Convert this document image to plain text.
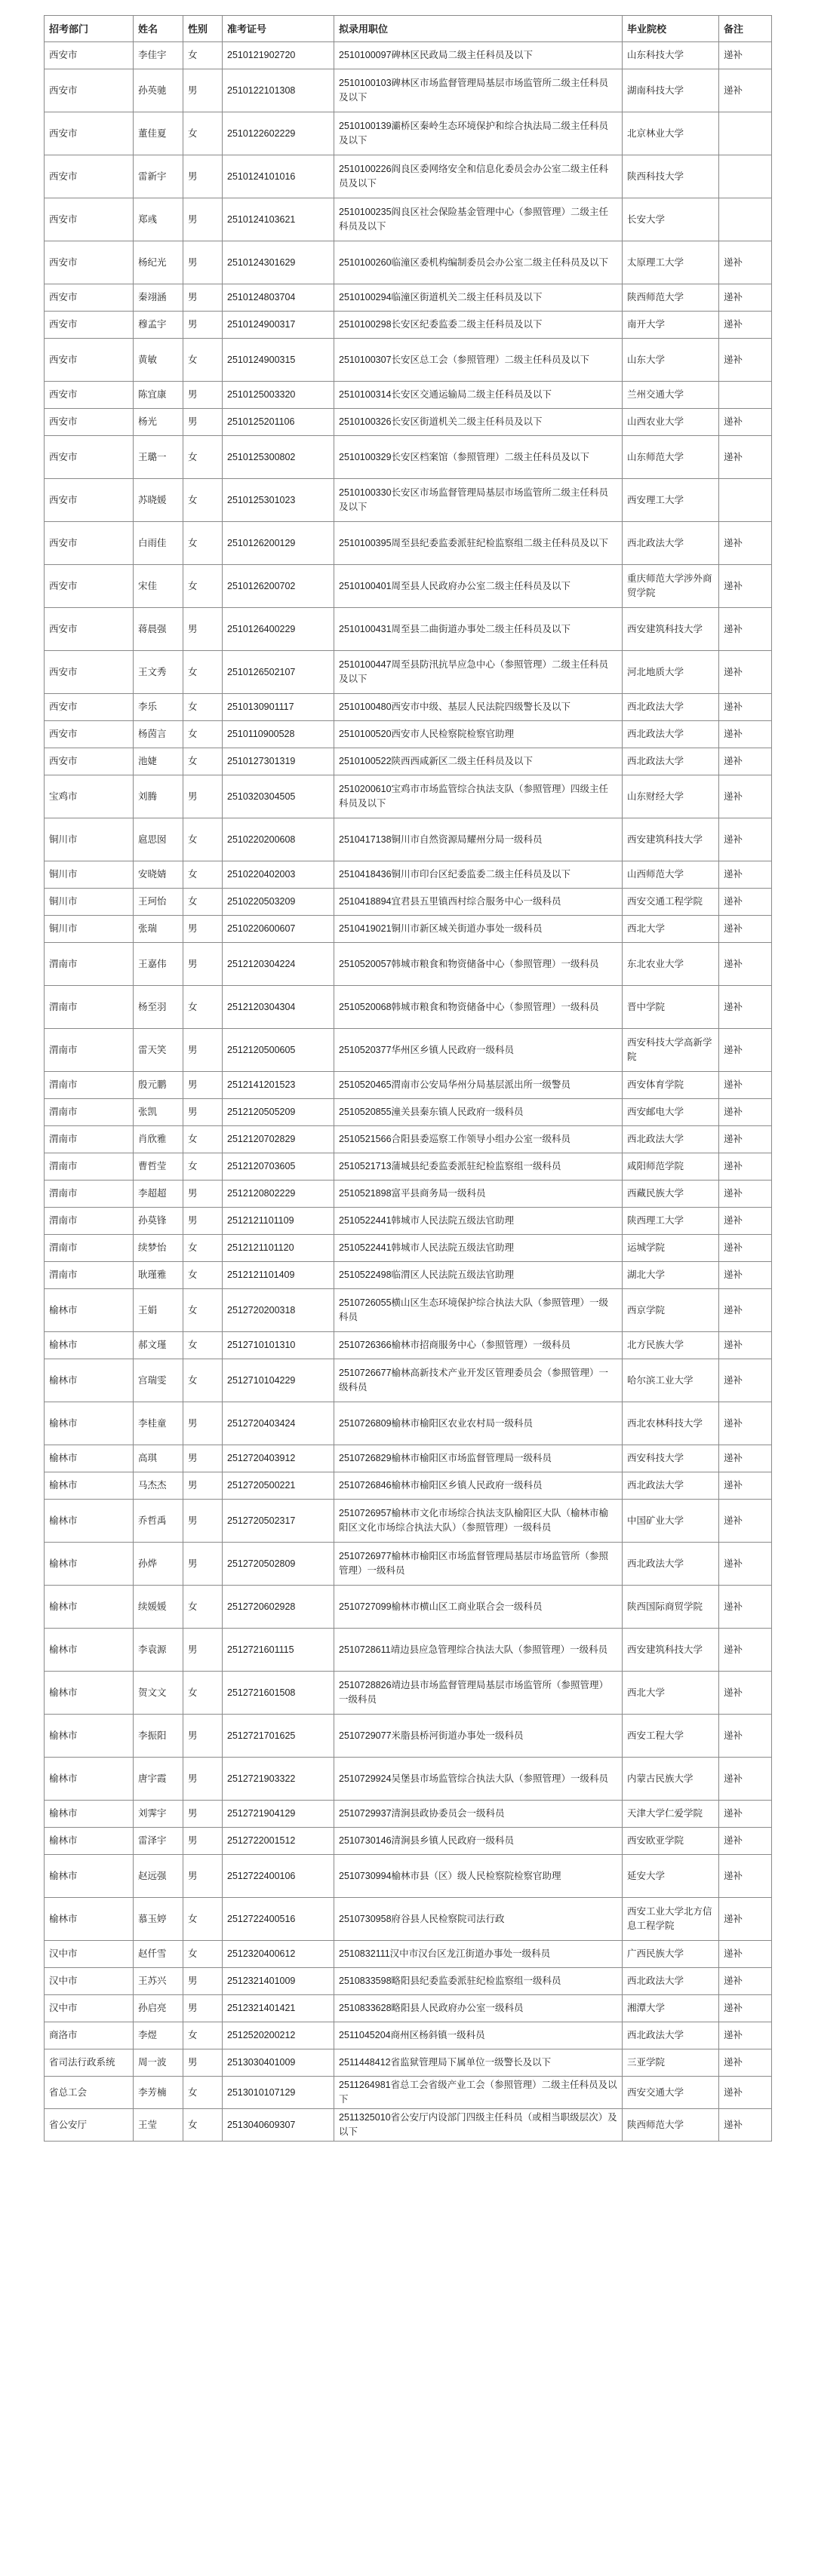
招考部门	姓名	性别	准考证号	拟录用职位	毕业院校	备注
西安市	李佳宇	女	2510121902720	2510100097碑林区民政局二级主任科员及以下	山东科技大学	递补
西安市	孙英驰	男	2510122101308	2510100103碑林区市场监督管理局基层市场监管所二级主任科员及以下	湖南科技大学	递补
西安市	董佳夏	女	2510122602229	2510100139灞桥区秦岭生态环境保护和综合执法局二级主任科员及以下	北京林业大学	
西安市	雷新宇	男	2510124101016	2510100226阎良区委网络安全和信息化委员会办公室二级主任科员及以下	陕西科技大学	
西安市	郑彧	男	2510124103621	2510100235阎良区社会保险基金管理中心（参照管理）二级主任科员及以下	长安大学	
西安市	杨纪光	男	2510124301629	2510100260临潼区委机构编制委员会办公室二级主任科员及以下	太原理工大学	递补
西安市	秦翊涵	男	2510124803704	2510100294临潼区街道机关二级主任科员及以下	陕西师范大学	递补
西安市	穆孟宇	男	2510124900317	2510100298长安区纪委监委二级主任科员及以下	南开大学	递补
西安市	黄敏	女	2510124900315	2510100307长安区总工会（参照管理）二级主任科员及以下	山东大学	递补
西安市	陈宜康	男	2510125003320	2510100314长安区交通运输局二级主任科员及以下	兰州交通大学	
西安市	杨光	男	2510125201106	2510100326长安区街道机关二级主任科员及以下	山西农业大学	递补
西安市	王璐一	女	2510125300802	2510100329长安区档案馆（参照管理）二级主任科员及以下	山东师范大学	递补
西安市	苏晓媛	女	2510125301023	2510100330长安区市场监督管理局基层市场监管所二级主任科员及以下	西安理工大学	
西安市	白雨佳	女	2510126200129	2510100395周至县纪委监委派驻纪检监察组二级主任科员及以下	西北政法大学	递补
西安市	宋佳	女	2510126200702	2510100401周至县人民政府办公室二级主任科员及以下	重庆师范大学涉外商贸学院	递补
西安市	蒋晨强	男	2510126400229	2510100431周至县二曲街道办事处二级主任科员及以下	西安建筑科技大学	递补
西安市	王文秀	女	2510126502107	2510100447周至县防汛抗旱应急中心（参照管理）二级主任科员及以下	河北地质大学	递补
西安市	李乐	女	2510130901117	2510100480西安市中级、基层人民法院四级警长及以下	西北政法大学	递补
西安市	杨茵言	女	2510110900528	2510100520西安市人民检察院检察官助理	西北政法大学	递补
西安市	池婕	女	2510127301319	2510100522陕西西咸新区二级主任科员及以下	西北政法大学	递补
宝鸡市	刘腾	男	2510320304505	2510200610宝鸡市市场监管综合执法支队（参照管理）四级主任科员及以下	山东财经大学	递补
铜川市	扈思囡	女	2510220200608	2510417138铜川市自然资源局耀州分局一级科员	西安建筑科技大学	递补
铜川市	安晓婧	女	2510220402003	2510418436铜川市印台区纪委监委二级主任科员及以下	山西师范大学	递补
铜川市	王珂怡	女	2510220503209	2510418894宜君县五里镇西村综合服务中心一级科员	西安交通工程学院	递补
铜川市	张瑞	男	2510220600607	2510419021铜川市新区城关街道办事处一级科员	西北大学	递补
渭南市	王嘉伟	男	2512120304224	2510520057韩城市粮食和物资储备中心（参照管理）一级科员	东北农业大学	递补
渭南市	杨至羽	女	2512120304304	2510520068韩城市粮食和物资储备中心（参照管理）一级科员	晋中学院	递补
渭南市	雷天笑	男	2512120500605	2510520377华州区乡镇人民政府一级科员	西安科技大学高新学院	递补
渭南市	殷元鹏	男	2512141201523	2510520465渭南市公安局华州分局基层派出所一级警员	西安体育学院	递补
渭南市	张凯	男	2512120505209	2510520855潼关县秦东镇人民政府一级科员	西安邮电大学	递补
渭南市	肖欣雅	女	2512120702829	2510521566合阳县委巡察工作领导小组办公室一级科员	西北政法大学	递补
渭南市	曹哲莹	女	2512120703605	2510521713蒲城县纪委监委派驻纪检监察组一级科员	咸阳师范学院	递补
渭南市	李超超	男	2512120802229	2510521898富平县商务局一级科员	西藏民族大学	递补
渭南市	孙莫锋	男	2512121101109	2510522441韩城市人民法院五级法官助理	陕西理工大学	递补
渭南市	续梦怡	女	2512121101120	2510522441韩城市人民法院五级法官助理	运城学院	递补
渭南市	耿瑾雅	女	2512121101409	2510522498临渭区人民法院五级法官助理	湖北大学	递补
榆林市	王娟	女	2512720200318	2510726055横山区生态环境保护综合执法大队（参照管理）一级科员	西京学院	递补
榆林市	郝文瑾	女	2512710101310	2510726366榆林市招商服务中心（参照管理）一级科员	北方民族大学	递补
榆林市	宫瑞雯	女	2512710104229	2510726677榆林高新技术产业开发区管理委员会（参照管理）一级科员	哈尔滨工业大学	递补
榆林市	李桂童	男	2512720403424	2510726809榆林市榆阳区农业农村局一级科员	西北农林科技大学	递补
榆林市	高琪	男	2512720403912	2510726829榆林市榆阳区市场监督管理局一级科员	西安科技大学	递补
榆林市	马杰杰	男	2512720500221	2510726846榆林市榆阳区乡镇人民政府一级科员	西北政法大学	递补
榆林市	乔哲禹	男	2512720502317	2510726957榆林市文化市场综合执法支队榆阳区大队（榆林市榆阳区文化市场综合执法大队）（参照管理）一级科员	中国矿业大学	递补
榆林市	孙烨	男	2512720502809	2510726977榆林市榆阳区市场监督管理局基层市场监管所（参照管理）一级科员	西北政法大学	递补
榆林市	续媛媛	女	2512720602928	2510727099榆林市横山区工商业联合会一级科员	陕西国际商贸学院	递补
榆林市	李袁源	男	2512721601115	2510728611靖边县应急管理综合执法大队（参照管理）一级科员	西安建筑科技大学	递补
榆林市	贺文文	女	2512721601508	2510728826靖边县市场监督管理局基层市场监管所（参照管理）一级科员	西北大学	递补
榆林市	李振阳	男	2512721701625	2510729077米脂县桥河街道办事处一级科员	西安工程大学	递补
榆林市	唐宇霞	男	2512721903322	2510729924吴堡县市场监管综合执法大队（参照管理）一级科员	内蒙古民族大学	递补
榆林市	刘霁宇	男	2512721904129	2510729937清涧县政协委员会一级科员	天津大学仁爱学院	递补
榆林市	雷泽宇	男	2512722001512	2510730146清涧县乡镇人民政府一级科员	西安欧亚学院	递补
榆林市	赵远强	男	2512722400106	2510730994榆林市县（区）级人民检察院检察官助理	延安大学	递补
榆林市	慕玉婷	女	2512722400516	2510730958府谷县人民检察院司法行政	西安工业大学北方信息工程学院	递补
汉中市	赵仟雪	女	2512320400612	2510832111汉中市汉台区龙江街道办事处一级科员	广西民族大学	递补
汉中市	王苏兴	男	2512321401009	2510833598略阳县纪委监委派驻纪检监察组一级科员	西北政法大学	递补
汉中市	孙启亮	男	2512321401421	2510833628略阳县人民政府办公室一级科员	湘潭大学	递补
商洛市	李煜	女	2512520200212	2511045204商州区杨斜镇一级科员	西北政法大学	递补
省司法行政系统	周一波	男	2513030401009	2511448412省监狱管理局下属单位一级警长及以下	三亚学院	递补
省总工会	李芳楠	女	2513010107129	2511264981省总工会省级产业工会（参照管理）二级主任科员及以下	西安交通大学	递补
省公安厅	王莹	女	2513040609307	2511325010省公安厅内设部门四级主任科员（或相当职级层次）及以下	陕西师范大学	递补
